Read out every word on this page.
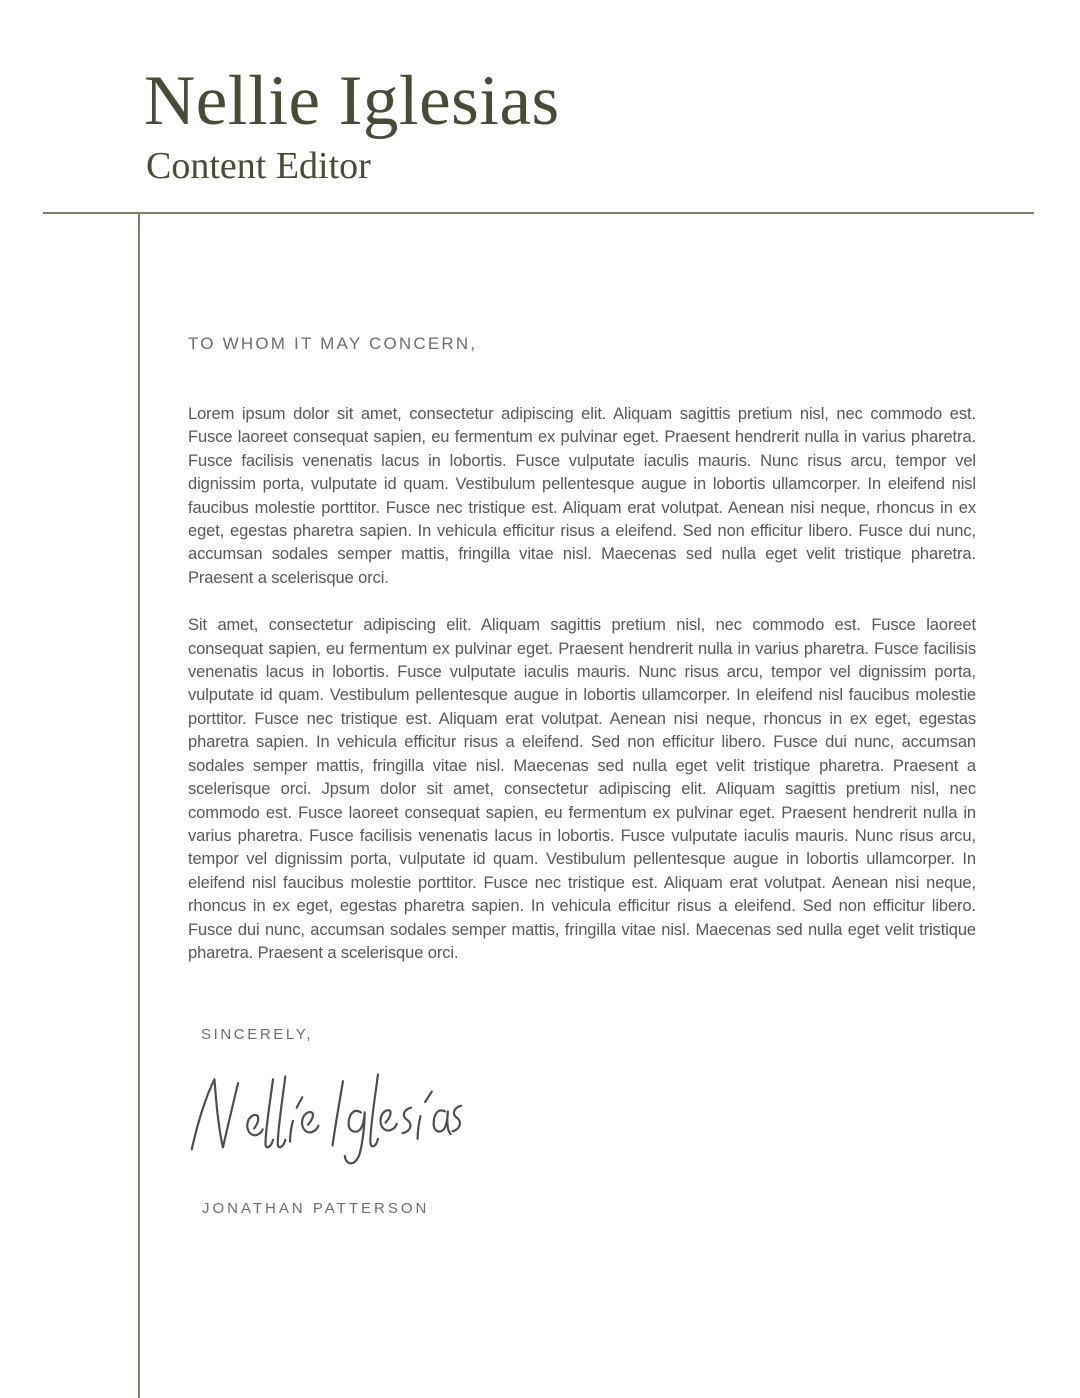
Nellie Iglesias
Content Editor
TO WHOM IT MAY CONCERN,

Lorem ipsum dolor sit amet, consectetur adipiscing elit. Aliquam sagittis pretium nisl, nec commodo est. Fusce laoreet consequat sapien, eu fermentum ex pulvinar eget. Praesent hendrerit nulla in varius pharetra. Fusce facilisis venenatis lacus in lobortis. Fusce vulputate iaculis mauris. Nunc risus arcu, tempor vel dignissim porta, vulputate id quam. Vestibulum pellentesque augue in lobortis ullamcorper. In eleifend nisl faucibus molestie porttitor. Fusce nec tristique est. Aliquam erat volutpat. Aenean nisi neque, rhoncus in ex eget, egestas pharetra sapien. In vehicula efficitur risus a eleifend. Sed non efficitur libero. Fusce dui nunc, accumsan sodales semper mattis, fringilla vitae nisl. Maecenas sed nulla eget velit tristique pharetra. Praesent a scelerisque orci.

Sit amet, consectetur adipiscing elit. Aliquam sagittis pretium nisl, nec commodo est. Fusce laoreet consequat sapien, eu fermentum ex pulvinar eget. Praesent hendrerit nulla in varius pharetra. Fusce facilisis venenatis lacus in lobortis. Fusce vulputate iaculis mauris. Nunc risus arcu, tempor vel dignissim porta, vulputate id quam. Vestibulum pellentesque augue in lobortis ullamcorper. In eleifend nisl faucibus molestie porttitor. Fusce nec tristique est. Aliquam erat volutpat. Aenean nisi neque, rhoncus in ex eget, egestas pharetra sapien. In vehicula efficitur risus a eleifend. Sed non efficitur libero. Fusce dui nunc, accumsan sodales semper mattis, fringilla vitae nisl. Maecenas sed nulla eget velit tristique pharetra. Praesent a scelerisque orci. Jpsum dolor sit amet, consectetur adipiscing elit. Aliquam sagittis pretium nisl, nec commodo est. Fusce laoreet consequat sapien, eu fermentum ex pulvinar eget. Praesent hendrerit nulla in varius pharetra. Fusce facilisis venenatis lacus in lobortis. Fusce vulputate iaculis mauris. Nunc risus arcu, tempor vel dignissim porta, vulputate id quam. Vestibulum pellentesque augue in lobortis ullamcorper. In eleifend nisl faucibus molestie porttitor. Fusce nec tristique est. Aliquam erat volutpat. Aenean nisi neque, rhoncus in ex eget, egestas pharetra sapien. In vehicula efficitur risus a eleifend. Sed non efficitur libero. Fusce dui nunc, accumsan sodales semper mattis, fringilla vitae nisl. Maecenas sed nulla eget velit tristique pharetra. Praesent a scelerisque orci.

SINCERELY,
JONATHAN PATTERSON
